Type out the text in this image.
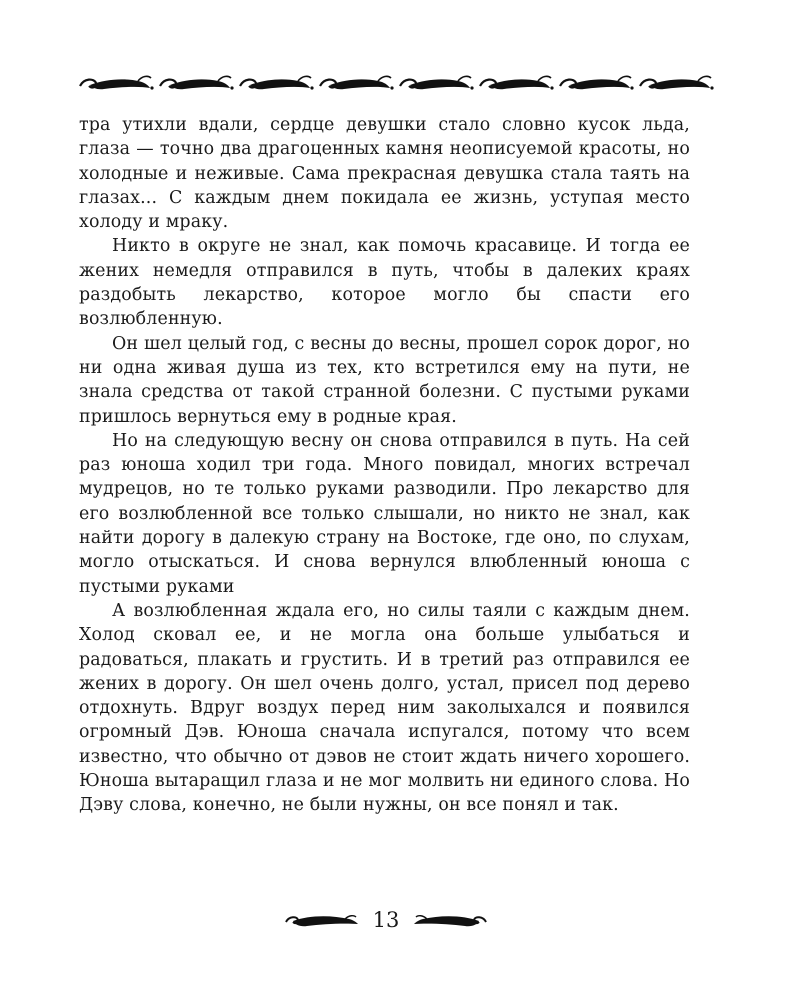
тра утихли вдали, сердце девушки стало словно кусок льда, глаза — точно два драгоценных камня неописуемой красоты, но холодные и неживые. Сама прекрасная девушка стала таять на глазах... С каждым днем покидала ее жизнь, уступая место холоду и мраку.

Никто в округе не знал, как помочь красавице. И тогда ее жених немедля отправился в путь, чтобы в далеких краях раздобыть лекарство, которое могло бы спасти его возлюбленную.

Он шел целый год, с весны до весны, прошел сорок дорог, но ни одна живая душа из тех, кто встретился ему на пути, не знала средства от такой странной болезни. С пустыми руками пришлось вернуться ему в родные края.

Но на следующую весну он снова отправился в путь. На сей раз юноша ходил три года. Много повидал, многих встречал мудрецов, но те только руками разводили. Про лекарство для его возлюбленной все только слышали, но никто не знал, как найти дорогу в далекую страну на Востоке, где оно, по слухам, могло отыскаться. И снова вернулся влюбленный юноша с пустыми руками

А возлюбленная ждала его, но силы таяли с каждым днем. Холод сковал ее, и не могла она больше улыбаться и радоваться, плакать и грустить. И в третий раз отправился ее жених в дорогу. Он шел очень долго, устал, присел под дерево отдохнуть. Вдруг воздух перед ним заколыхался и появился огромный Дэв. Юноша сначала испугался, потому что всем известно, что обычно от дэвов не стоит ждать ничего хорошего. Юноша вытаращил глаза и не мог молвить ни единого слова. Но Дэву слова, конечно, не были нужны, он все понял и так.

13
